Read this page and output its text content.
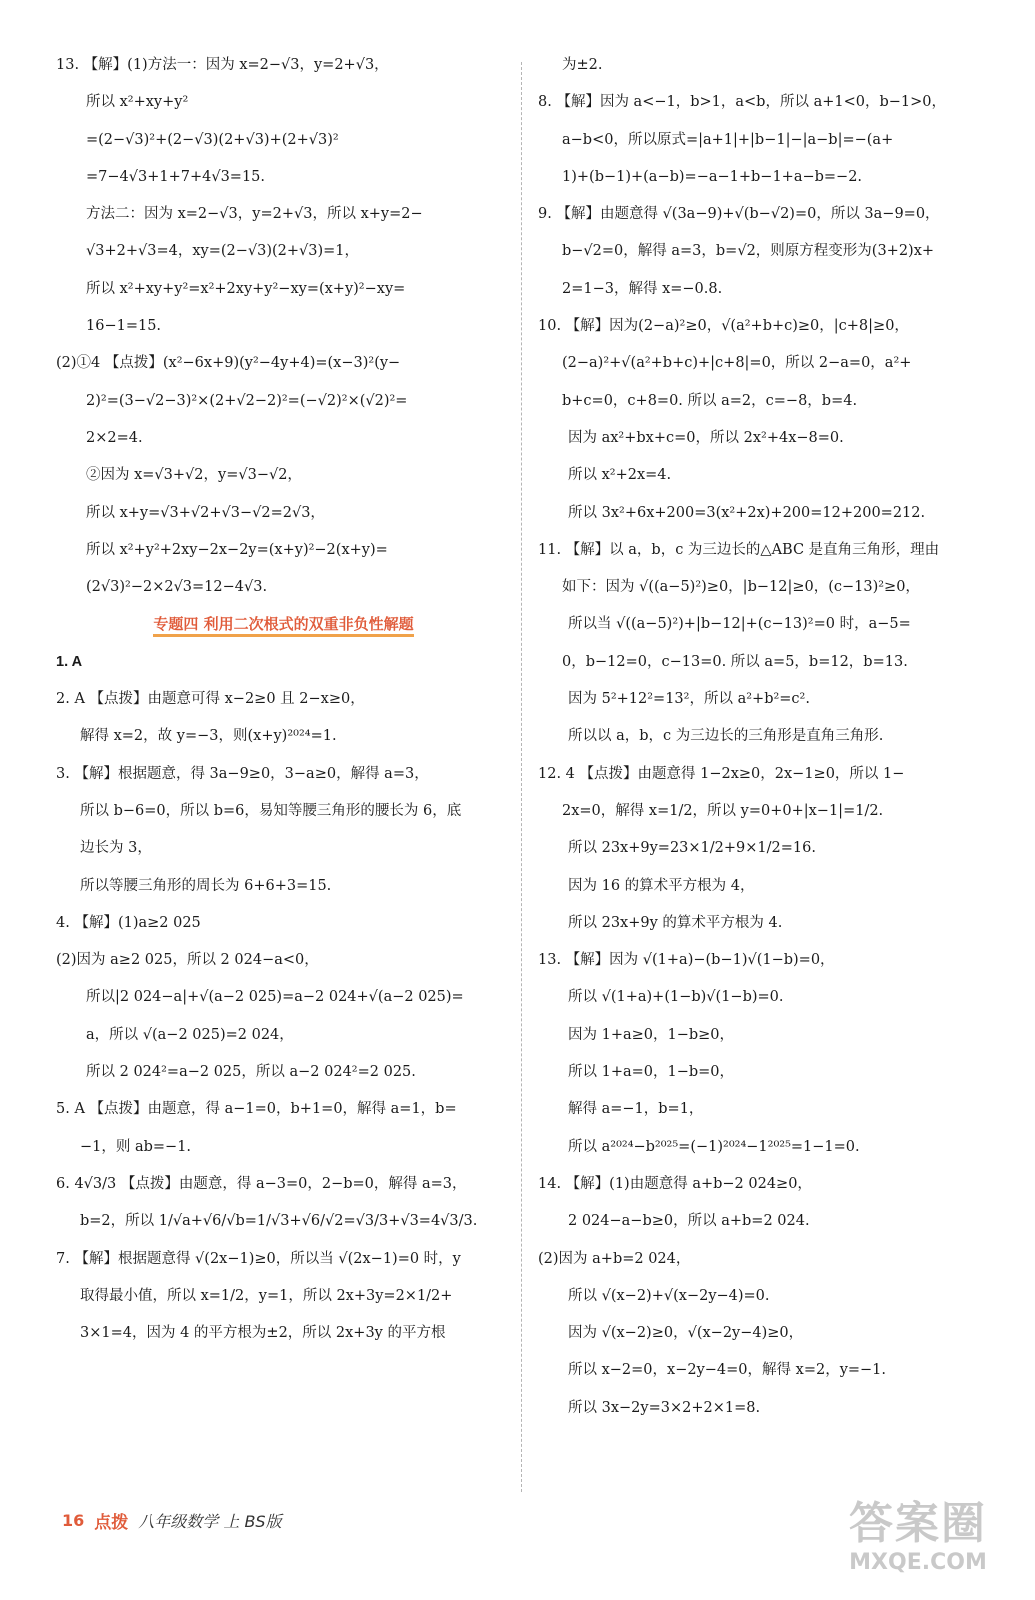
13. 【解】(1)方法一：因为 x=2−√3，y=2+√3，
所以 x²+xy+y²
=(2−√3)²+(2−√3)(2+√3)+(2+√3)²
=7−4√3+1+7+4√3=15.
方法二：因为 x=2−√3，y=2+√3，所以 x+y=2−
√3+2+√3=4，xy=(2−√3)(2+√3)=1，
所以 x²+xy+y²=x²+2xy+y²−xy=(x+y)²−xy=
16−1=15.
(2)①4 【点拨】(x²−6x+9)(y²−4y+4)=(x−3)²(y−
2)²=(3−√2−3)²×(2+√2−2)²=(−√2)²×(√2)²=
2×2=4.
②因为 x=√3+√2，y=√3−√2，
所以 x+y=√3+√2+√3−√2=2√3，
所以 x²+y²+2xy−2x−2y=(x+y)²−2(x+y)=
(2√3)²−2×2√3=12−4√3.
专题四 利用二次根式的双重非负性解题
1. A
2. A 【点拨】由题意可得 x−2≥0 且 2−x≥0，
解得 x=2，故 y=−3，则(x+y)²⁰²⁴=1.
3. 【解】根据题意，得 3a−9≥0，3−a≥0，解得 a=3，
所以 b−6=0，所以 b=6，易知等腰三角形的腰长为 6，底
边长为 3，
所以等腰三角形的周长为 6+6+3=15.
4. 【解】(1)a≥2 025
(2)因为 a≥2 025，所以 2 024−a<0，
所以|2 024−a|+√(a−2 025)=a−2 024+√(a−2 025)=
a，所以 √(a−2 025)=2 024，
所以 2 024²=a−2 025，所以 a−2 024²=2 025.
5. A 【点拨】由题意，得 a−1=0，b+1=0，解得 a=1，b=
−1，则 ab=−1.
6. 4√3/3 【点拨】由题意，得 a−3=0，2−b=0，解得 a=3，
b=2，所以 1/√a+√6/√b=1/√3+√6/√2=√3/3+√3=4√3/3.
7. 【解】根据题意得 √(2x−1)≥0，所以当 √(2x−1)=0 时，y
取得最小值，所以 x=1/2，y=1，所以 2x+3y=2×1/2+
3×1=4，因为 4 的平方根为±2，所以 2x+3y 的平方根
为±2.
8. 【解】因为 a<−1，b>1，a<b，所以 a+1<0，b−1>0，
a−b<0，所以原式=|a+1|+|b−1|−|a−b|=−(a+
1)+(b−1)+(a−b)=−a−1+b−1+a−b=−2.
9. 【解】由题意得 √(3a−9)+√(b−√2)=0，所以 3a−9=0，
b−√2=0，解得 a=3，b=√2，则原方程变形为(3+2)x+
2=1−3，解得 x=−0.8.
10. 【解】因为(2−a)²≥0，√(a²+b+c)≥0，|c+8|≥0，
(2−a)²+√(a²+b+c)+|c+8|=0，所以 2−a=0，a²+
b+c=0，c+8=0. 所以 a=2，c=−8，b=4.
因为 ax²+bx+c=0，所以 2x²+4x−8=0.
所以 x²+2x=4.
所以 3x²+6x+200=3(x²+2x)+200=12+200=212.
11. 【解】以 a，b，c 为三边长的△ABC 是直角三角形，理由
如下：因为 √((a−5)²)≥0，|b−12|≥0，(c−13)²≥0，
所以当 √((a−5)²)+|b−12|+(c−13)²=0 时，a−5=
0，b−12=0，c−13=0. 所以 a=5，b=12，b=13.
因为 5²+12²=13²，所以 a²+b²=c².
所以以 a，b，c 为三边长的三角形是直角三角形.
12. 4 【点拨】由题意得 1−2x≥0，2x−1≥0，所以 1−
2x=0，解得 x=1/2，所以 y=0+0+|x−1|=1/2.
所以 23x+9y=23×1/2+9×1/2=16.
因为 16 的算术平方根为 4，
所以 23x+9y 的算术平方根为 4.
13. 【解】因为 √(1+a)−(b−1)√(1−b)=0，
所以 √(1+a)+(1−b)√(1−b)=0.
因为 1+a≥0，1−b≥0，
所以 1+a=0，1−b=0，
解得 a=−1，b=1，
所以 a²⁰²⁴−b²⁰²⁵=(−1)²⁰²⁴−1²⁰²⁵=1−1=0.
14. 【解】(1)由题意得 a+b−2 024≥0，
2 024−a−b≥0，所以 a+b=2 024.
(2)因为 a+b=2 024，
所以 √(x−2)+√(x−2y−4)=0.
因为 √(x−2)≥0，√(x−2y−4)≥0，
所以 x−2=0，x−2y−4=0，解得 x=2，y=−1.
所以 3x−2y=3×2+2×1=8.
16 点拨 八年级数学 上 BS版	答案圈
MXQE.COM
